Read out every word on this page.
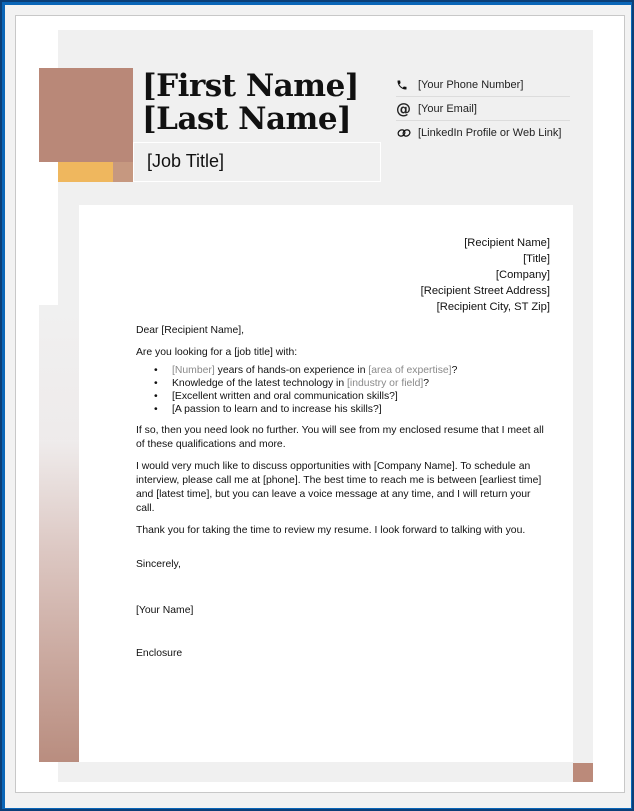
[First Name]
[Last Name]
[Job Title]
[Your Phone Number]
@ [Your Email]
[LinkedIn Profile or Web Link]
[Recipient Name]
[Title]
[Company]
[Recipient Street Address]
[Recipient City, ST Zip]
Dear [Recipient Name],
Are you looking for a [job title] with:
• [Number] years of hands-on experience in [area of expertise]?
• Knowledge of the latest technology in [industry or field]?
• [Excellent written and oral communication skills?]
• [A passion to learn and to increase his skills?]
If so, then you need look no further. You will see from my enclosed resume that I meet all of these qualifications and more.
I would very much like to discuss opportunities with [Company Name]. To schedule an interview, please call me at [phone]. The best time to reach me is between [earliest time] and [latest time], but you can leave a voice message at any time, and I will return your call.
Thank you for taking the time to review my resume. I look forward to talking with you.
Sincerely,
[Your Name]
Enclosure
